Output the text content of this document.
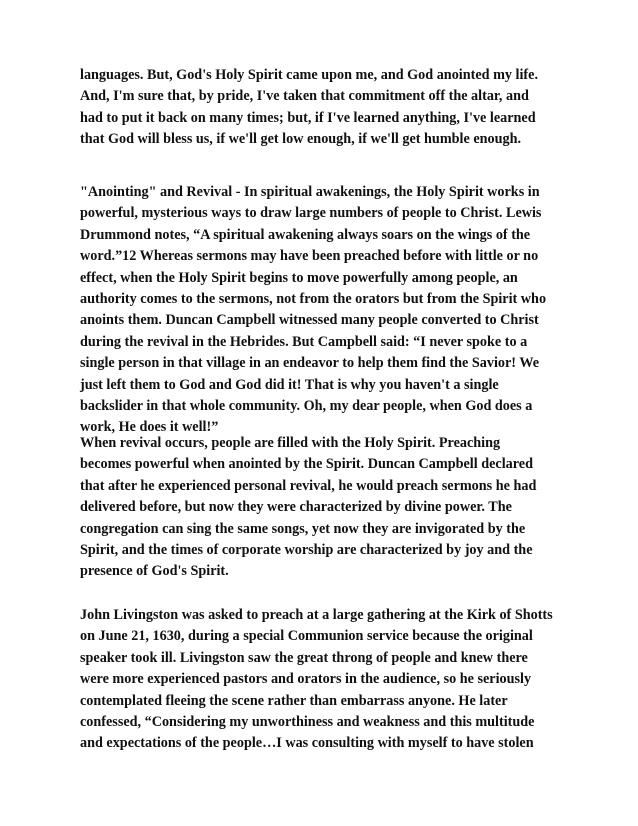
languages. But, God's Holy Spirit came upon me, and God anointed my life.
And, I'm sure that, by pride, I've taken that commitment off the altar, and
had to put it back on many times; but, if I've learned anything, I've learned
that God will bless us, if we'll get low enough, if we'll get humble enough.

"Anointing" and Revival - In spiritual awakenings, the Holy Spirit works in
powerful, mysterious ways to draw large numbers of people to Christ. Lewis
Drummond notes, “A spiritual awakening always soars on the wings of the
word.”12 Whereas sermons may have been preached before with little or no
effect, when the Holy Spirit begins to move powerfully among people, an
authority comes to the sermons, not from the orators but from the Spirit who
anoints them. Duncan Campbell witnessed many people converted to Christ
during the revival in the Hebrides. But Campbell said: “I never spoke to a
single person in that village in an endeavor to help them find the Savior! We
just left them to God and God did it! That is why you haven't a single
backslider in that whole community. Oh, my dear people, when God does a
work, He does it well!”

When revival occurs, people are filled with the Holy Spirit. Preaching
becomes powerful when anointed by the Spirit. Duncan Campbell declared
that after he experienced personal revival, he would preach sermons he had
delivered before, but now they were characterized by divine power. The
congregation can sing the same songs, yet now they are invigorated by the
Spirit, and the times of corporate worship are characterized by joy and the
presence of God's Spirit.

John Livingston was asked to preach at a large gathering at the Kirk of Shotts
on June 21, 1630, during a special Communion service because the original
speaker took ill. Livingston saw the great throng of people and knew there
were more experienced pastors and orators in the audience, so he seriously
contemplated fleeing the scene rather than embarrass anyone. He later
confessed, “Considering my unworthiness and weakness and this multitude
and expectations of the people…I was consulting with myself to have stolen
